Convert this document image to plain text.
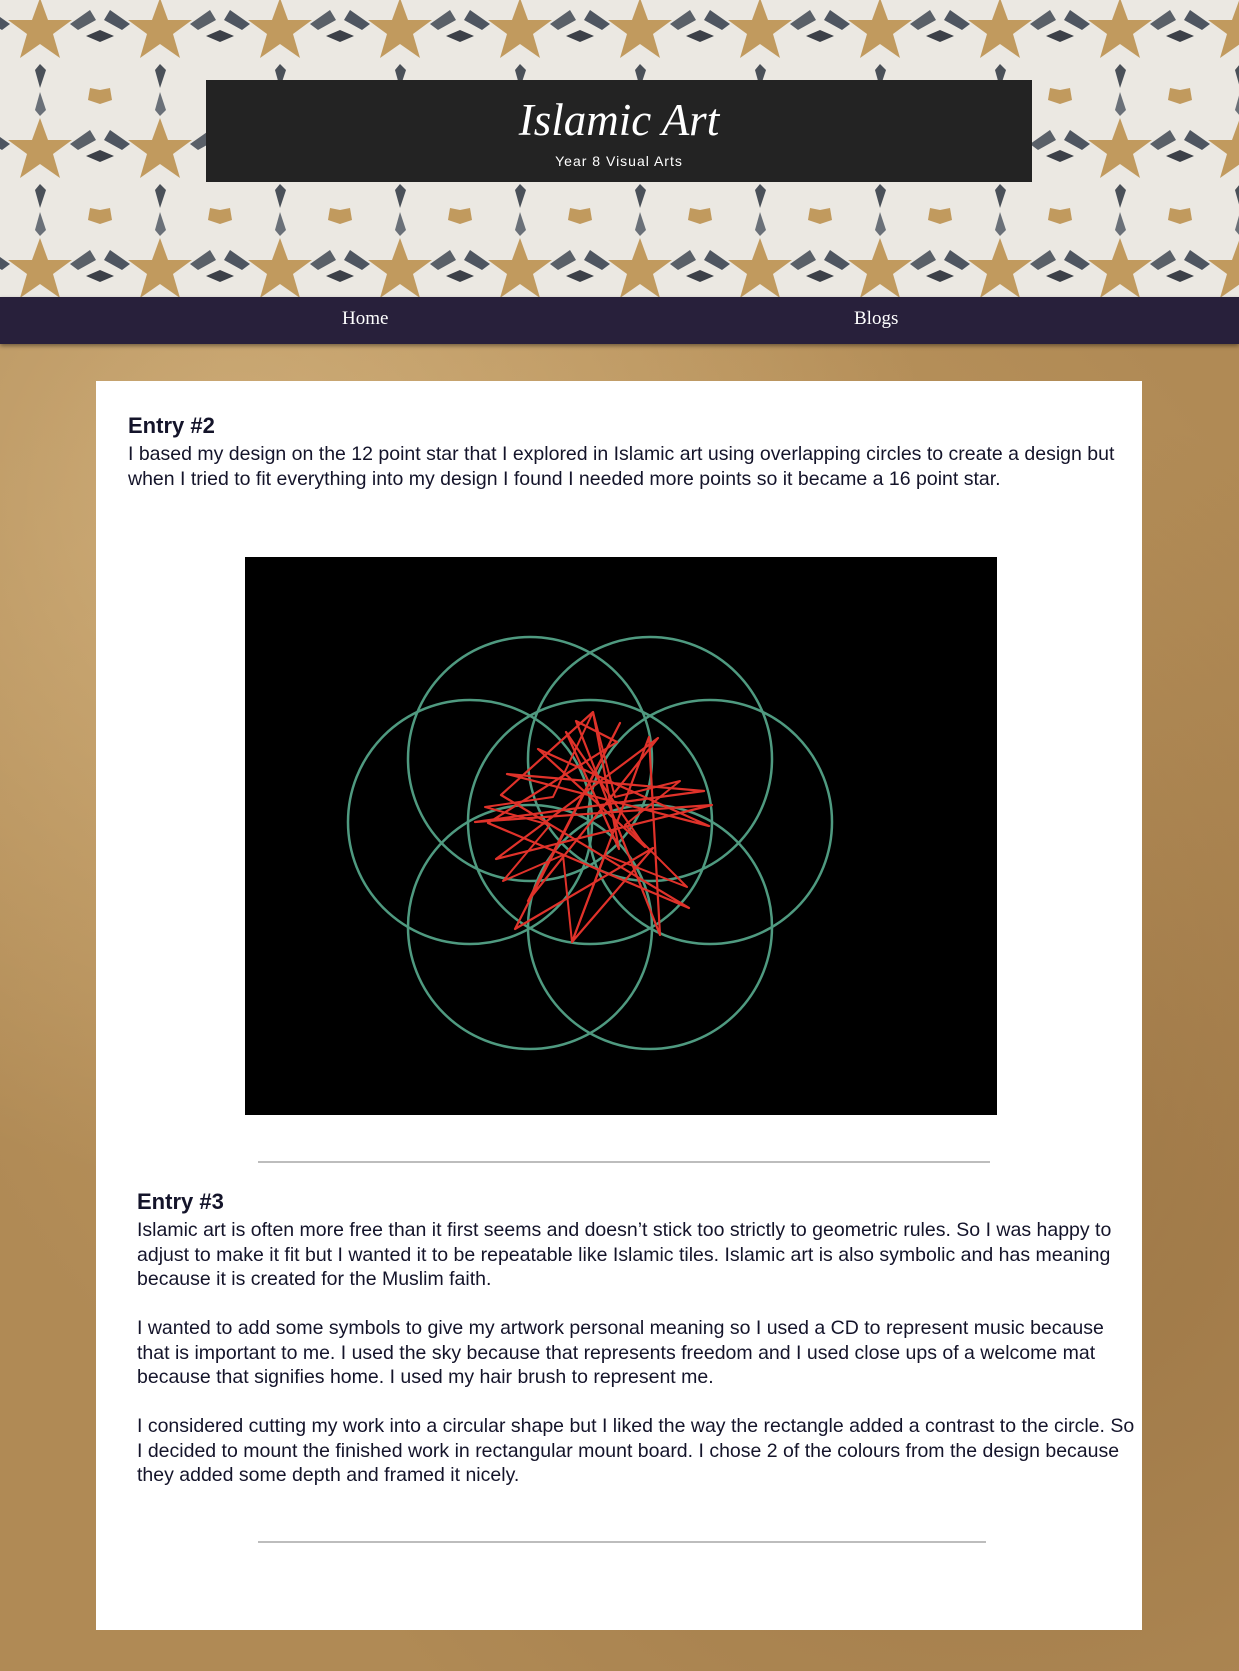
Islamic Art
Year 8 Visual Arts
Home	Blogs
Entry #2

I based my design on the 12 point star that I explored in Islamic art using overlapping circles to create a design but when I tried to fit everything into my design I found I needed more points so it became a 16 point star.

Entry #3

Islamic art is often more free than it first seems and doesn’t stick too strictly to geometric rules. So I was happy to adjust to make it fit but I wanted it to be repeatable like Islamic tiles. Islamic art is also symbolic and has meaning because it is created for the Muslim faith.

I wanted to add some symbols to give my artwork personal meaning so I used a CD to represent music because that is important to me. I used the sky because that represents freedom and I used close ups of a welcome mat because that signifies home. I used my hair brush to represent me.

I considered cutting my work into a circular shape but I liked the way the rectangle added a contrast to the circle. So I decided to mount the finished work in rectangular mount board. I chose 2 of the colours from the design because they added some depth and framed it nicely.
